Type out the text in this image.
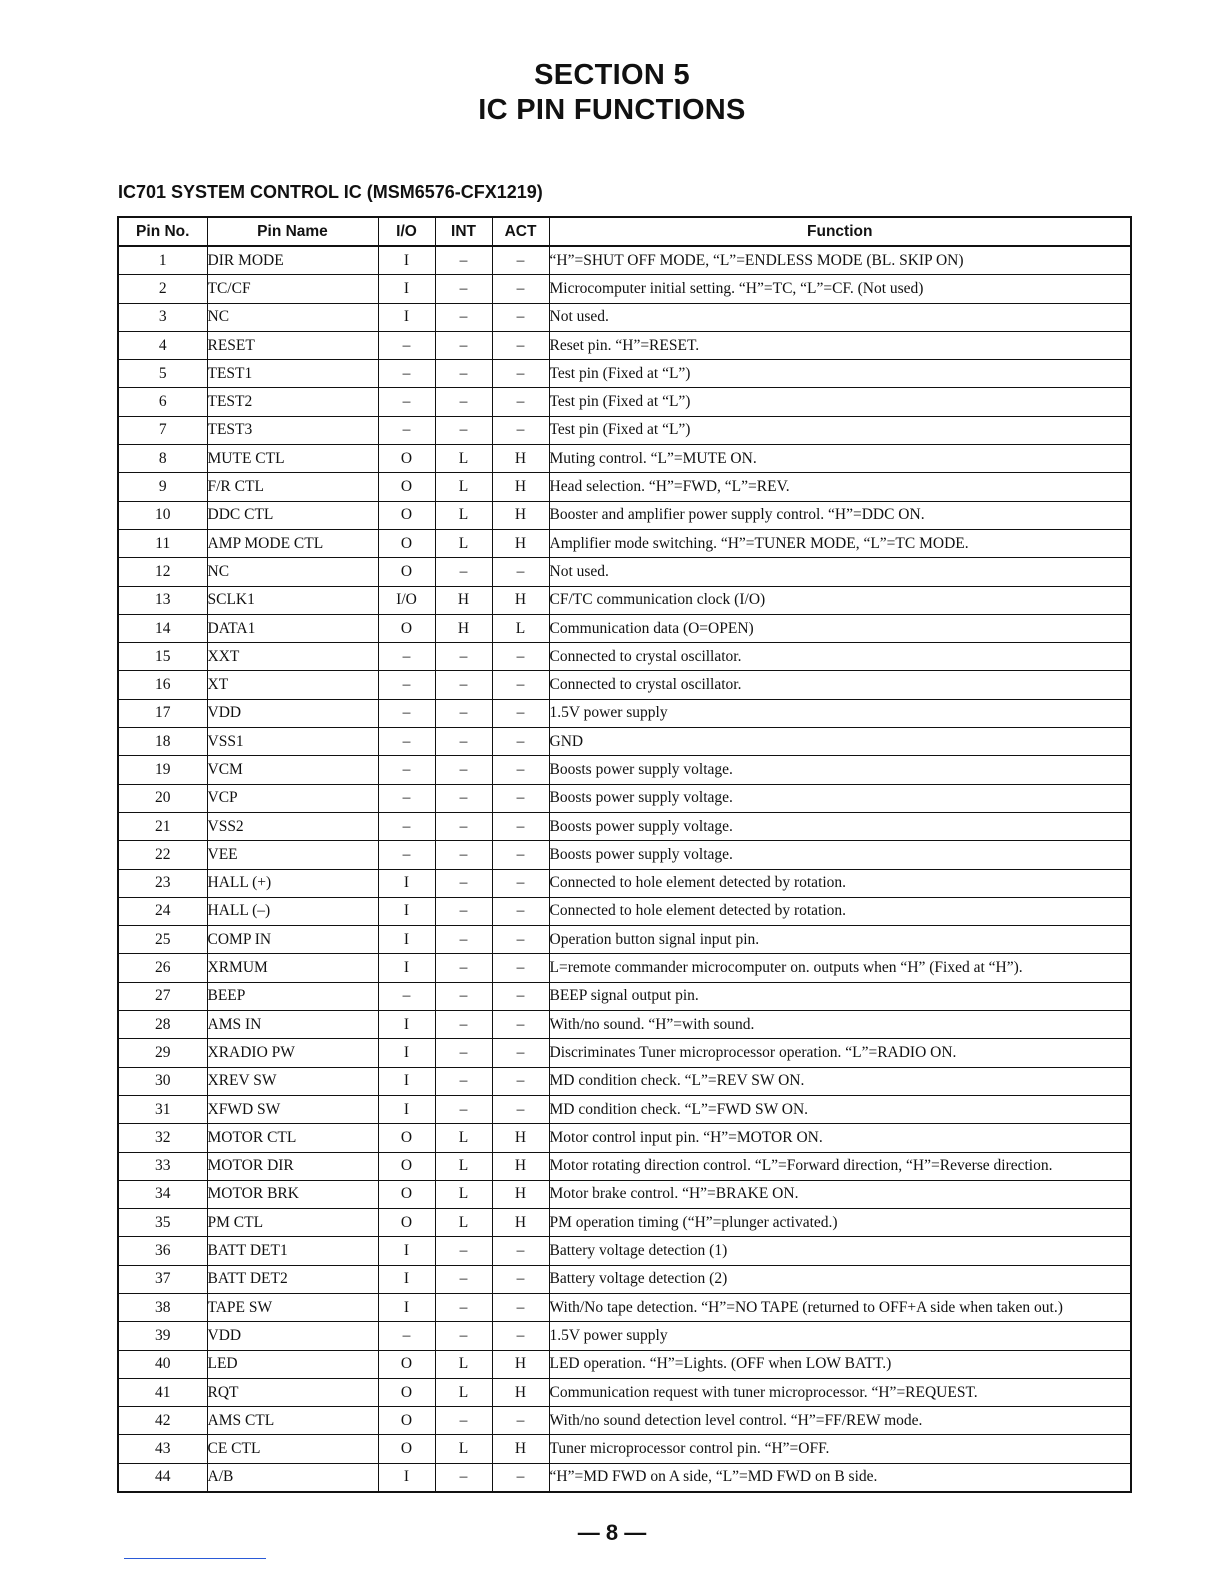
SECTION 5
IC PIN FUNCTIONS
IC701 SYSTEM CONTROL IC (MSM6576-CFX1219)
Pin No.	Pin Name	I/O	INT	ACT	Function
1	DIR MODE	I	–	–	“H”=SHUT OFF MODE, “L”=ENDLESS MODE (BL. SKIP ON)
2	TC/CF	I	–	–	Microcomputer initial setting. “H”=TC, “L”=CF. (Not used)
3	NC	I	–	–	Not used.
4	RESET	–	–	–	Reset pin. “H”=RESET.
5	TEST1	–	–	–	Test pin (Fixed at “L”)
6	TEST2	–	–	–	Test pin (Fixed at “L”)
7	TEST3	–	–	–	Test pin (Fixed at “L”)
8	MUTE CTL	O	L	H	Muting control. “L”=MUTE ON.
9	F/R CTL	O	L	H	Head selection. “H”=FWD, “L”=REV.
10	DDC CTL	O	L	H	Booster and amplifier power supply control. “H”=DDC ON.
11	AMP MODE CTL	O	L	H	Amplifier mode switching. “H”=TUNER MODE, “L”=TC MODE.
12	NC	O	–	–	Not used.
13	SCLK1	I/O	H	H	CF/TC communication clock (I/O)
14	DATA1	O	H	L	Communication data (O=OPEN)
15	XXT	–	–	–	Connected to crystal oscillator.
16	XT	–	–	–	Connected to crystal oscillator.
17	VDD	–	–	–	1.5V power supply
18	VSS1	–	–	–	GND
19	VCM	–	–	–	Boosts power supply voltage.
20	VCP	–	–	–	Boosts power supply voltage.
21	VSS2	–	–	–	Boosts power supply voltage.
22	VEE	–	–	–	Boosts power supply voltage.
23	HALL (+)	I	–	–	Connected to hole element detected by rotation.
24	HALL (–)	I	–	–	Connected to hole element detected by rotation.
25	COMP IN	I	–	–	Operation button signal input pin.
26	XRMUM	I	–	–	L=remote commander microcomputer on. outputs when “H” (Fixed at “H”).
27	BEEP	–	–	–	BEEP signal output pin.
28	AMS IN	I	–	–	With/no sound. “H”=with sound.
29	XRADIO PW	I	–	–	Discriminates Tuner microprocessor operation. “L”=RADIO ON.
30	XREV SW	I	–	–	MD condition check. “L”=REV SW ON.
31	XFWD SW	I	–	–	MD condition check. “L”=FWD SW ON.
32	MOTOR CTL	O	L	H	Motor control input pin. “H”=MOTOR ON.
33	MOTOR DIR	O	L	H	Motor rotating direction control. “L”=Forward direction, “H”=Reverse direction.
34	MOTOR BRK	O	L	H	Motor brake control. “H”=BRAKE ON.
35	PM CTL	O	L	H	PM operation timing (“H”=plunger activated.)
36	BATT DET1	I	–	–	Battery voltage detection (1)
37	BATT DET2	I	–	–	Battery voltage detection (2)
38	TAPE SW	I	–	–	With/No tape detection. “H”=NO TAPE (returned to OFF+A side when taken out.)
39	VDD	–	–	–	1.5V power supply
40	LED	O	L	H	LED operation. “H”=Lights. (OFF when LOW BATT.)
41	RQT	O	L	H	Communication request with tuner microprocessor. “H”=REQUEST.
42	AMS CTL	O	–	–	With/no sound detection level control. “H”=FF/REW mode.
43	CE CTL	O	L	H	Tuner microprocessor control pin. “H”=OFF.
44	A/B	I	–	–	“H”=MD FWD on A side, “L”=MD FWD on B side.
— 8 —
